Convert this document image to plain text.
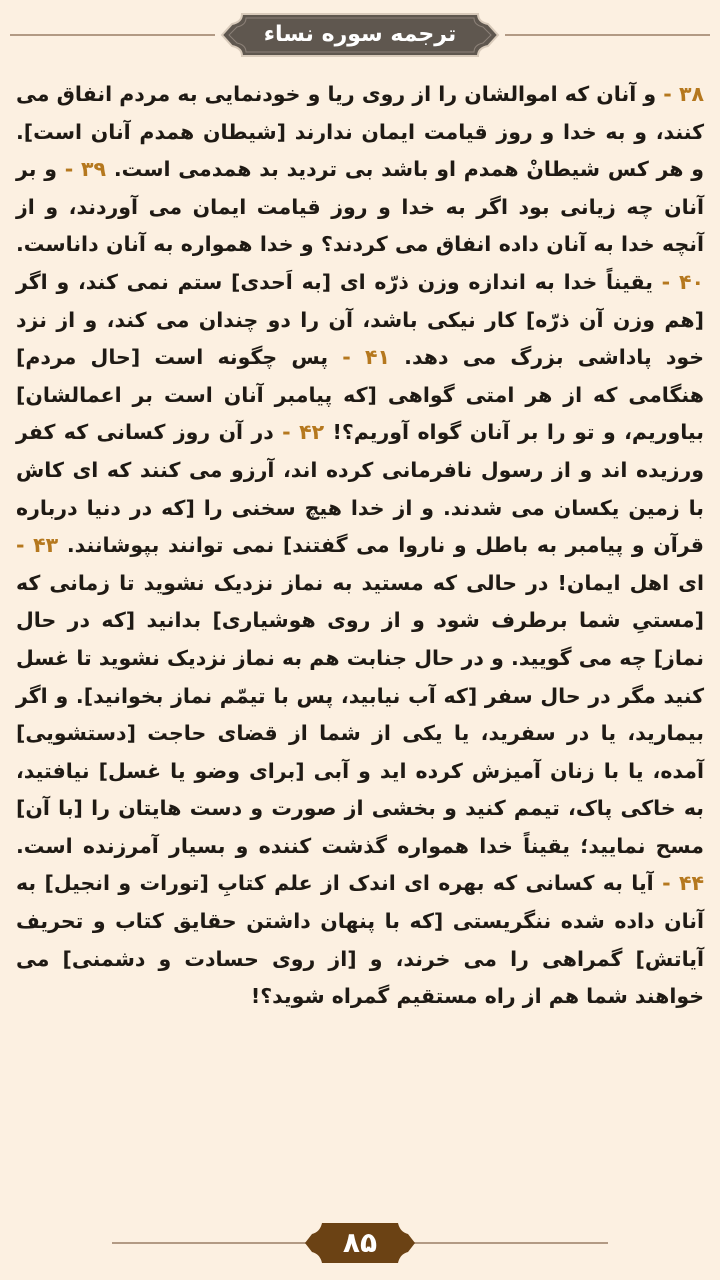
ترجمه سوره نساء

۳۸ - و آنان که اموالشان را از روی ریا و خودنمایی به مردم انفاق می کنند، و به خدا و روز قیامت ایمان ندارند [شیطان همدم آنان است]. و هر کس شیطانْ همدم او باشد بی تردید بد همدمی است. ۳۹ - و بر آنان چه زیانی بود اگر به خدا و روز قیامت ایمان می آوردند، و از آنچه خدا به آنان داده انفاق می کردند؟ و خدا همواره به آنان داناست. ۴۰ - یقیناً خدا به اندازه وزن ذرّه ای [به اَحدی] ستم نمی کند، و اگر [هم وزن آن ذرّه] کار نیکی باشد، آن را دو چندان می کند، و از نزد خود پاداشی بزرگ می دهد. ۴۱ - پس چگونه است [حال مردم] هنگامی که از هر امتی گواهی [که پیامبر آنان است بر اعمالشان] بیاوریم، و تو را بر آنان گواه آوریم؟! ۴۲ - در آن روز کسانی که کفر ورزیده اند و از رسول نافرمانی کرده اند، آرزو می کنند که ای کاش با زمین یکسان می شدند. و از خدا هیچ سخنی را [که در دنیا درباره قرآن و پیامبر به باطل و ناروا می گفتند] نمی توانند بپوشانند. ۴۳ - ای اهل ایمان! در حالی که مستید به نماز نزدیک نشوید تا زمانی که [مستیِ شما برطرف شود و از روی هوشیاری] بدانید [که در حال نماز] چه می گویید. و در حال جنابت هم به نماز نزدیک نشوید تا غسل کنید مگر در حال سفر [که آب نیابید، پس با تیمّم نماز بخوانید]. و اگر بیمارید، یا در سفرید، یا یکی از شما از قضای حاجت [دستشویی] آمده، یا با زنان آمیزش کرده اید و آبی [برای وضو یا غسل] نیافتید، به خاکی پاک، تیمم کنید و بخشی از صورت و دست هایتان را [با آن] مسح نمایید؛ یقیناً خدا همواره گذشت کننده و بسیار آمرزنده است. ۴۴ - آیا به کسانی که بهره ای اندک از علم کتابِ [تورات و انجیل] به آنان داده شده ننگریستی [که با پنهان داشتن حقایق کتاب و تحریف آیاتش] گمراهی را می خرند، و [از روی حسادت و دشمنی] می خواهند شما هم از راه مستقیم گمراه شوید؟!

۸۵
